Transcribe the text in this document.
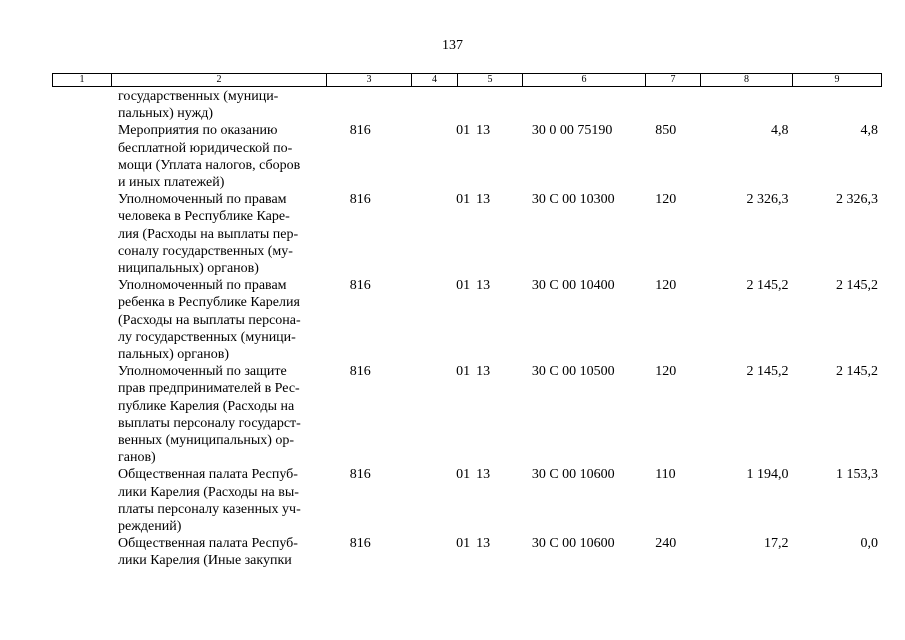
137
1	2	3	4	5	6	7	8	9
государственных (муници-
пальных) нужд)
Мероприятия по оказанию
бесплатной юридической по-
мощи (Уплата налогов, сборов
и иных платежей)
816	01 13	30 0 00 75190	850	4,8	4,8
Уполномоченный по правам
человека в Республике Каре-
лия (Расходы на выплаты пер-
соналу государственных (му-
ниципальных) органов)
816	01 13	30 С 00 10300	120	2 326,3	2 326,3
Уполномоченный по правам
ребенка в Республике Карелия
(Расходы на выплаты персона-
лу государственных (муници-
пальных) органов)
816	01 13	30 С 00 10400	120	2 145,2	2 145,2
Уполномоченный по защите
прав предпринимателей в Рес-
публике Карелия (Расходы на
выплаты персоналу государст-
венных (муниципальных) ор-
ганов)
816	01 13	30 С 00 10500	120	2 145,2	2 145,2
Общественная палата Респуб-
лики Карелия (Расходы на вы-
платы персоналу казенных уч-
реждений)
816	01 13	30 С 00 10600	110	1 194,0	1 153,3
Общественная палата Респуб-
лики Карелия (Иные закупки
816	01 13	30 С 00 10600	240	17,2	0,0
